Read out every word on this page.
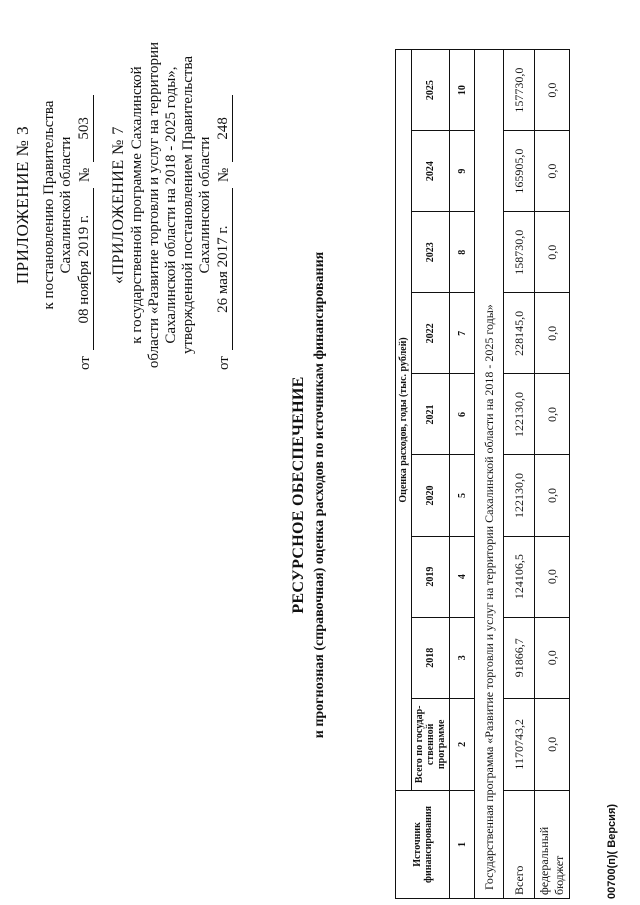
ПРИЛОЖЕНИЕ № 3 к постановлению Правительства Сахалинской области
от
08 ноября 2019 г.
№
503 «ПРИЛОЖЕНИЕ № 7 к государственной программе Сахалинской области «Развитие торговли и услуг на территории Сахалинской области на 2018 - 2025 годы», утвержденной постановлением Правительства Сахалинской области
от
26 мая 2017 г.
№
248
РЕСУРСНОЕ ОБЕСПЕЧЕНИЕ и прогнозная (справочная) оценка расходов по источникам финансирования
Источник финансирования	Оценка расходов, годы (тыс. рублей)								
	Всего по государ-ственной программе	2018	2019	2020	2021	2022	2023	2024	2025
1	2	3	4	5	6	7	8	9	10
Государственная программа «Развитие торговли и услуг на территории Сахалинской области на 2018 - 2025 годы»									
Всего	1170743,2	91866,7	124106,5	122130,0	122130,0	228145,0	158730,0	165905,0	157730,0
федеральный бюджет	0,0	0,0	0,0	0,0	0,0	0,0	0,0	0,0	0,0
00700(п)( Версия)
